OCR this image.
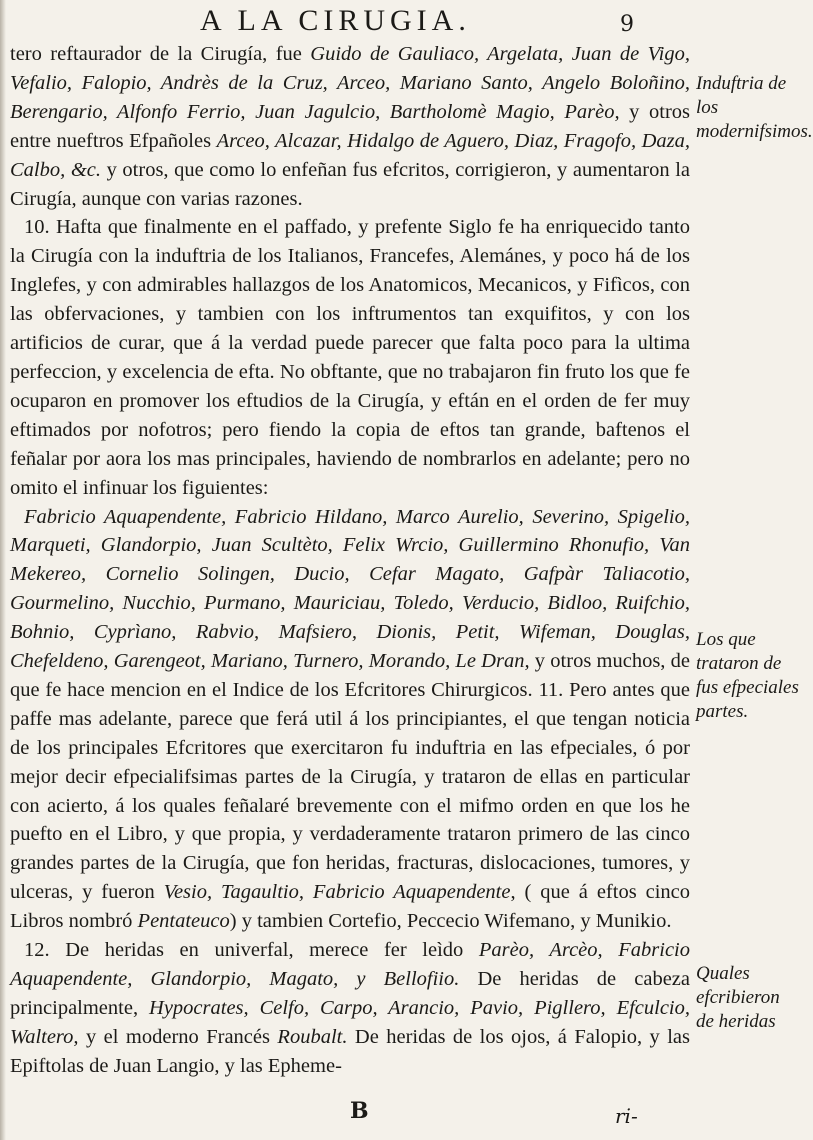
A LA CIRUGIA.	9

tero reftaurador de la Cirugía, fue Guido de Gauliaco, Argelata, Juan de Vigo, Vefalio, Falopio, Andrès de la Cruz, Arceo, Mariano Santo, Angelo Boloñino, Berengario, Alfonfo Ferrio, Juan Jagulcio, Bartholomè Magio, Parèo, y otros entre nueftros Efpañoles Arceo, Alcazar, Hidalgo de Aguero, Diaz, Fragofo, Daza, Calbo, &c. y otros, que como lo enfeñan fus efcritos, corrigieron, y aumentaron la Cirugía, aunque con varias razones.

10. Hafta que finalmente en el paffado, y prefente Siglo fe ha enriquecido tanto la Cirugía con la induftria de los Italianos, Francefes, Alemánes, y poco há de los Inglefes, y con admirables hallazgos de los Anatomicos, Mecanicos, y Fifìcos, con las obfervaciones, y tambien con los inftrumentos tan exquifitos, y con los artificios de curar, que á la verdad puede parecer que falta poco para la ultima perfeccion, y excelencia de efta. No obftante, que no trabajaron fin fruto los que fe ocuparon en promover los eftudios de la Cirugía, y eftán en el orden de fer muy eftimados por nofotros; pero fiendo la copia de eftos tan grande, baftenos el feñalar por aora los mas principales, haviendo de nombrarlos en adelante; pero no omito el infinuar los figuientes:

Fabricio Aquapendente, Fabricio Hildano, Marco Aurelio, Severino, Spigelio, Marqueti, Glandorpio, Juan Scultèto, Felix Wrcio, Guillermino Rhonufio, Van Mekereo, Cornelio Solingen, Ducio, Cefar Magato, Gafpàr Taliacotio, Gourmelino, Nucchio, Purmano, Mauriciau, Toledo, Verducio, Bidloo, Ruifchio, Bohnio, Cyprìano, Rabvio, Mafsiero, Dionis, Petit, Wifeman, Douglas, Chefeldeno, Garengeot, Mariano, Turnero, Morando, Le Dran, y otros muchos, de que fe hace mencion en el Indice de los Efcritores Chirurgicos. 11. Pero antes que paffe mas adelante, parece que ferá util á los principiantes, el que tengan noticia de los principales Efcritores que exercitaron fu induftria en las efpeciales, ó por mejor decir efpecialifsimas partes de la Cirugía, y trataron de ellas en particular con acierto, á los quales feñalaré brevemente con el mifmo orden en que los he puefto en el Libro, y que propia, y verdaderamente trataron primero de las cinco grandes partes de la Cirugía, que fon heridas, fracturas, dislocaciones, tumores, y ulceras, y fueron Vesio, Tagaultio, Fabricio Aquapendente, ( que á eftos cinco Libros nombró Pentateuco) y tambien Cortefio, Peccecio Wifemano, y Munikio.

12. De heridas en univerfal, merece fer leìdo Parèo, Arcèo, Fabricio Aquapendente, Glandorpio, Magato, y Bellofiio. De heridas de cabeza principalmente, Hypocrates, Celfo, Carpo, Arancio, Pavio, Pigllero, Efculcio, Waltero, y el moderno Francés Roubalt. De heridas de los ojos, á Falopio, y las Epiftolas de Juan Langio, y las Epheme-

Induftria de los modernifsimos.
Los que trataron de fus efpeciales partes.
Quales efcribieron de heridas
B	ri-
